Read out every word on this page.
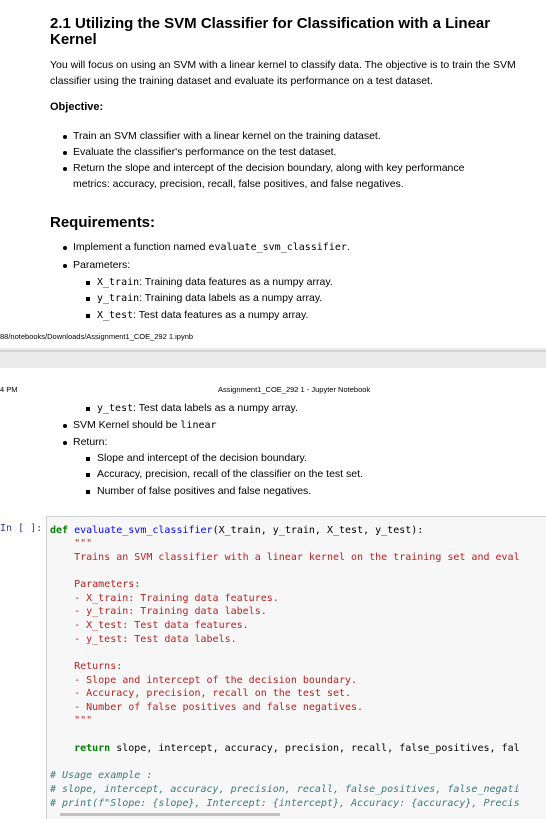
2.1 Utilizing the SVM Classifier for Classification with a Linear Kernel

You will focus on using an SVM with a linear kernel to classify data. The objective is to train the SVM classifier using the training dataset and evaluate its performance on a test dataset.

Objective:
Train an SVM classifier with a linear kernel on the training dataset.
Evaluate the classifier's performance on the test dataset.
Return the slope and intercept of the decision boundary, along with key performance
metrics: accuracy, precision, recall, false positives, and false negatives.
Requirements:
Implement a function named evaluate_svm_classifier.
Parameters:
X_train: Training data features as a numpy array.
y_train: Training data labels as a numpy array.
X_test: Test data features as a numpy array.
88/notebooks/Downloads/Assignment1_COE_292 1.ipynb
4 PM	Assignment1_COE_292 1 - Jupyter Notebook
y_test: Test data labels as a numpy array.
SVM Kernel should be linear
Return:
Slope and intercept of the decision boundary.
Accuracy, precision, recall of the classifier on the test set.
Number of false positives and false negatives.
In [ ]: def evaluate_svm_classifier(X_train, y_train, X_test, y_test):
"""
Trains an SVM classifier with a linear kernel on the training set and eval
Parameters:
- X_train: Training data features.
- y_train: Training data labels.
- X_test: Test data features.
- y_test: Test data labels.
Returns:
- Slope and intercept of the decision boundary.
- Accuracy, precision, recall on the test set.
- Number of false positives and false negatives.
"""
return slope, intercept, accuracy, precision, recall, false_positives, fal
# Usage example :
# slope, intercept, accuracy, precision, recall, false_positives, false_negati
# print(f"Slope: {slope}, Intercept: {intercept}, Accuracy: {accuracy}, Precis
